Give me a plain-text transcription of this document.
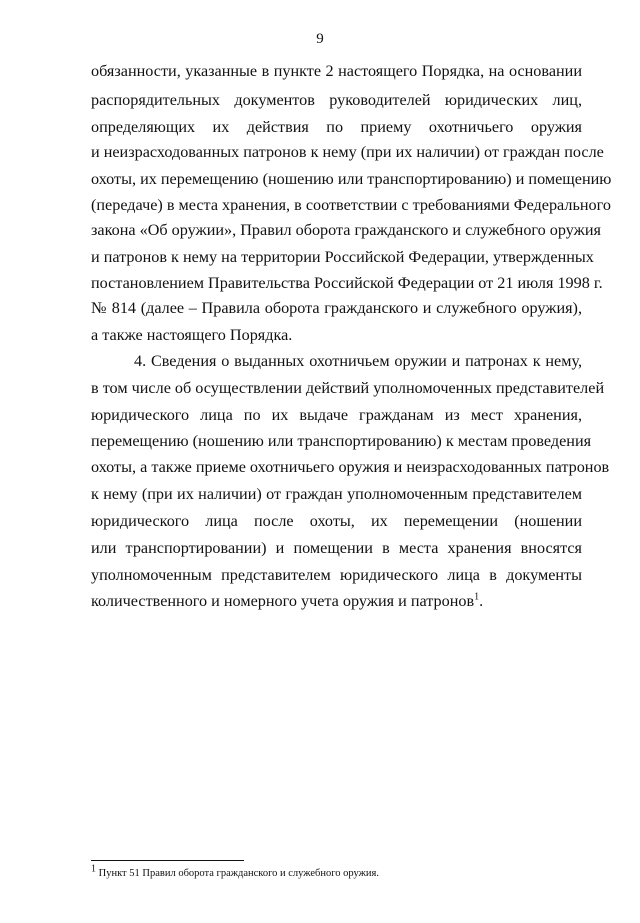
9
обязанности, указанные в пункте 2 настоящего Порядка, на основании
распорядительных документов руководителей юридических лиц,
определяющих их действия по приему охотничьего оружия
и неизрасходованных патронов к нему (при их наличии) от граждан после
охоты, их перемещению (ношению или транспортированию) и помещению
(передаче) в места хранения, в соответствии с требованиями Федерального
закона «Об оружии», Правил оборота гражданского и служебного оружия
и патронов к нему на территории Российской Федерации, утвержденных
постановлением Правительства Российской Федерации от 21 июля 1998 г.
№ 814 (далее – Правила оборота гражданского и служебного оружия),
а также настоящего Порядка.
4. Сведения о выданных охотничьем оружии и патронах к нему,
в том числе об осуществлении действий уполномоченных представителей
юридического лица по их выдаче гражданам из мест хранения,
перемещению (ношению или транспортированию) к местам проведения
охоты, а также приеме охотничьего оружия и неизрасходованных патронов
к нему (при их наличии) от граждан уполномоченным представителем
юридического лица после охоты, их перемещении (ношении
или транспортировании) и помещении в места хранения вносятся
уполномоченным представителем юридического лица в документы
количественного и номерного учета оружия и патронов$^1$.
$^1$ Пункт 51 Правил оборота гражданского и служебного оружия.
